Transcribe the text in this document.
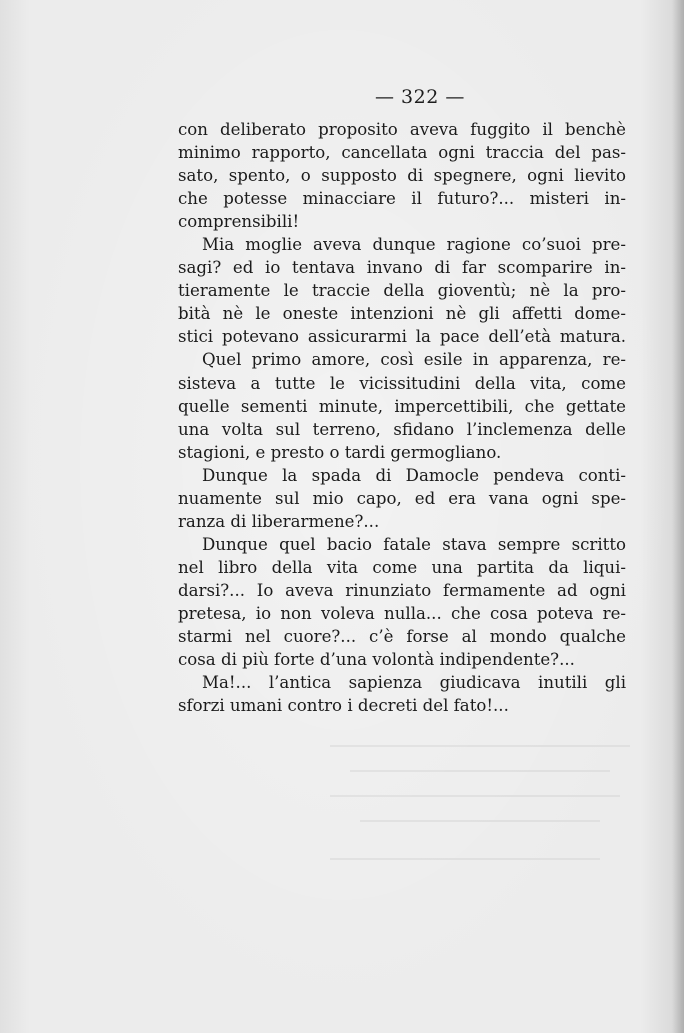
— 322 —
con deliberato proposito aveva fuggito il benchè
minimo rapporto, cancellata ogni traccia del pas-
sato, spento, o supposto di spegnere, ogni lievito
che potesse minacciare il futuro?... misteri in-
comprensibili!
Mia moglie aveva dunque ragione co’suoi pre-
sagi? ed io tentava invano di far scomparire in-
tieramente le traccie della gioventù; nè la pro-
bità nè le oneste intenzioni nè gli affetti dome-
stici potevano assicurarmi la pace dell’età matura.
Quel primo amore, così esile in apparenza, re-
sisteva a tutte le vicissitudini della vita, come
quelle sementi minute, impercettibili, che gettate
una volta sul terreno, sfidano l’inclemenza delle
stagioni, e presto o tardi germogliano.
Dunque la spada di Damocle pendeva conti-
nuamente sul mio capo, ed era vana ogni spe-
ranza di liberarmene?...
Dunque quel bacio fatale stava sempre scritto
nel libro della vita come una partita da liqui-
darsi?... Io aveva rinunziato fermamente ad ogni
pretesa, io non voleva nulla... che cosa poteva re-
starmi nel cuore?... c’è forse al mondo qualche
cosa di più forte d’una volontà indipendente?...
Ma!... l’antica sapienza giudicava inutili gli
sforzi umani contro i decreti del fato!...
